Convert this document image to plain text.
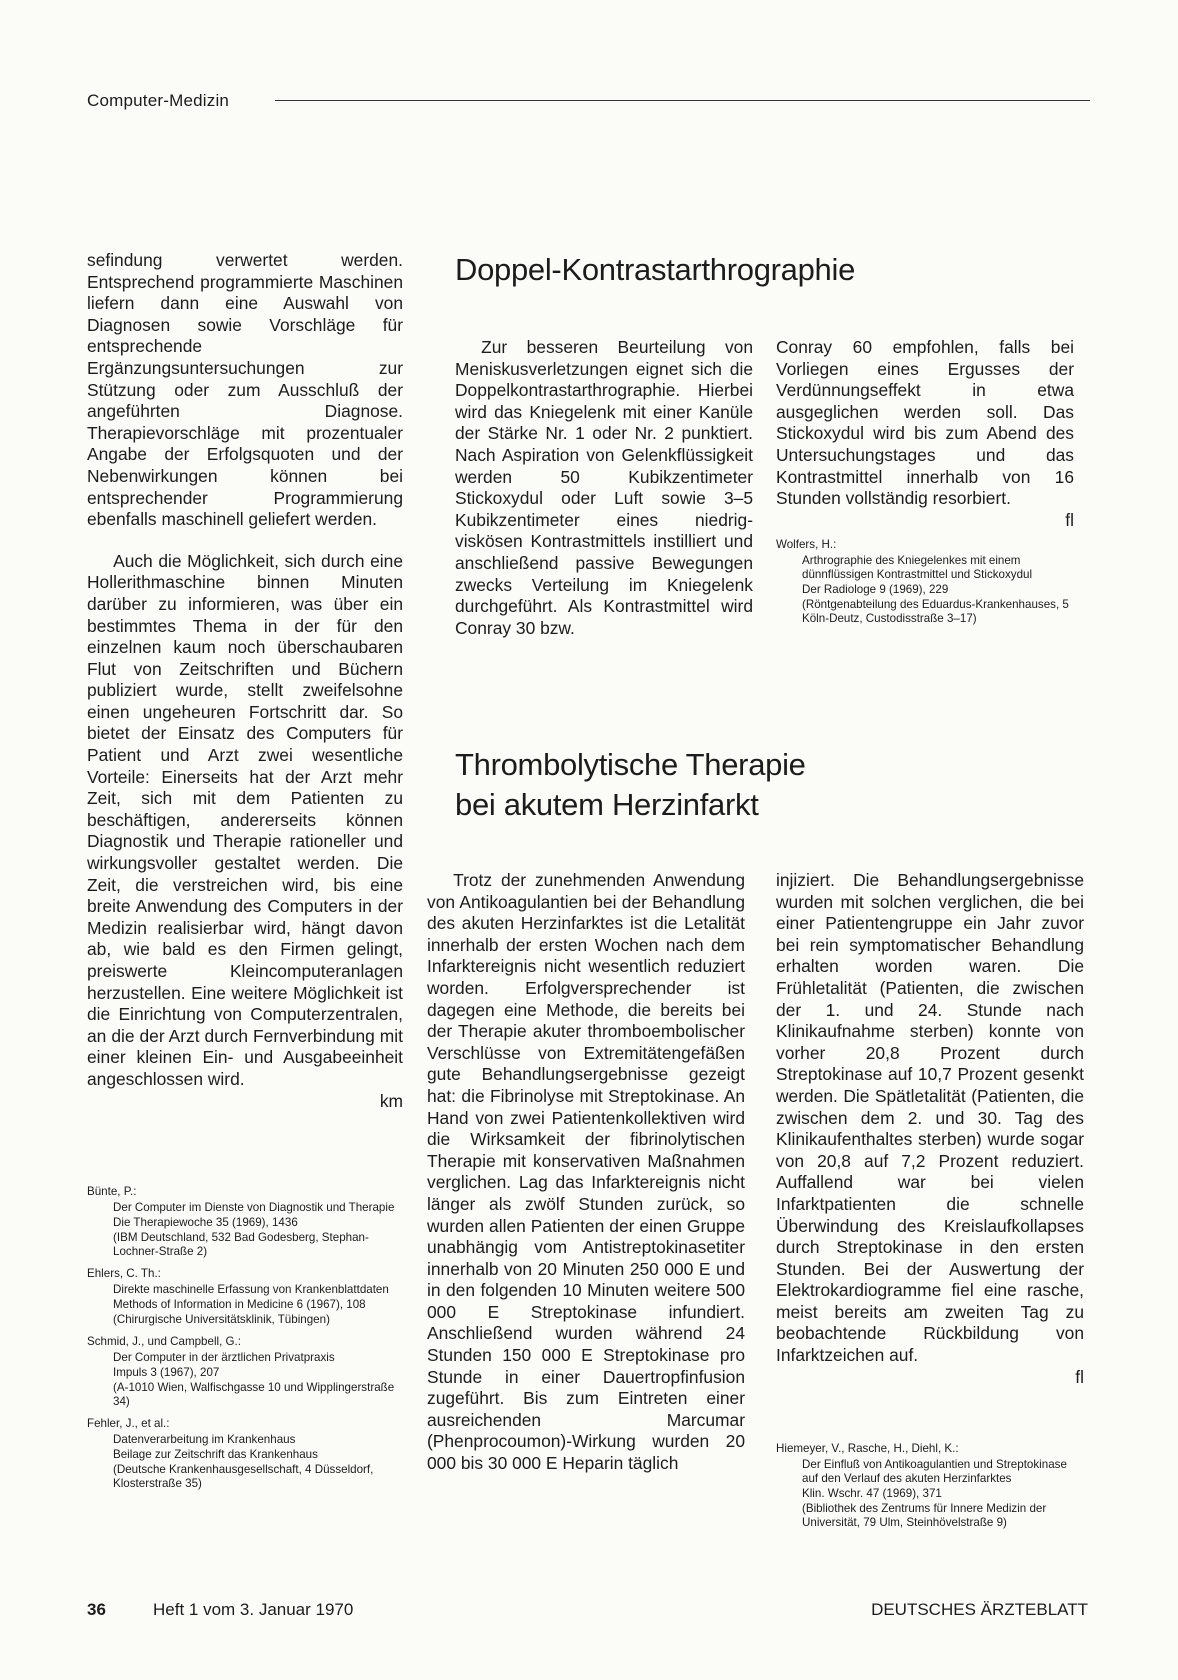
Computer-Medizin

sefindung verwertet werden. Entsprechend programmierte Maschinen liefern dann eine Auswahl von Diagnosen sowie Vorschläge für entsprechende Ergänzungsuntersuchungen zur Stützung oder zum Ausschluß der angeführten Diagnose. Therapievorschläge mit prozentualer Angabe der Erfolgsquoten und der Nebenwirkungen können bei entsprechender Programmierung ebenfalls maschinell geliefert werden.

Auch die Möglichkeit, sich durch eine Hollerithmaschine binnen Minuten darüber zu informieren, was über ein bestimmtes Thema in der für den einzelnen kaum noch überschaubaren Flut von Zeitschriften und Büchern publiziert wurde, stellt zweifelsohne einen ungeheuren Fortschritt dar. So bietet der Einsatz des Computers für Patient und Arzt zwei wesentliche Vorteile: Einerseits hat der Arzt mehr Zeit, sich mit dem Patienten zu beschäftigen, andererseits können Diagnostik und Therapie rationeller und wirkungsvoller gestaltet werden. Die Zeit, die verstreichen wird, bis eine breite Anwendung des Computers in der Medizin realisierbar wird, hängt davon ab, wie bald es den Firmen gelingt, preiswerte Kleincomputeranlagen herzustellen. Eine weitere Möglichkeit ist die Einrichtung von Computerzentralen, an die der Arzt durch Fernverbindung mit einer kleinen Ein- und Ausgabeeinheit angeschlossen wird.
km

Bünte, P.:
Der Computer im Dienste von Diagnostik und Therapie
Die Therapiewoche 35 (1969), 1436
(IBM Deutschland, 532 Bad Godesberg, Stephan-Lochner-Straße 2)
Ehlers, C. Th.:
Direkte maschinelle Erfassung von Krankenblattdaten
Methods of Information in Medicine 6 (1967), 108
(Chirurgische Universitätsklinik, Tübingen)
Schmid, J., und Campbell, G.:
Der Computer in der ärztlichen Privatpraxis
Impuls 3 (1967), 207
(A-1010 Wien, Walfischgasse 10 und Wipplingerstraße 34)
Fehler, J., et al.:
Datenverarbeitung im Krankenhaus
Beilage zur Zeitschrift das Krankenhaus
(Deutsche Krankenhausgesellschaft, 4 Düsseldorf, Klosterstraße 35)
Doppel-Kontrastarthrographie
Zur besseren Beurteilung von Meniskusverletzungen eignet sich die Doppelkontrastarthrographie. Hierbei wird das Kniegelenk mit einer Kanüle der Stärke Nr. 1 oder Nr. 2 punktiert. Nach Aspiration von Gelenkflüssigkeit werden 50 Kubikzentimeter Stickoxydul oder Luft sowie 3–5 Kubikzentimeter eines niedrig-viskösen Kontrastmittels instilliert und anschließend passive Bewegungen zwecks Verteilung im Kniegelenk durchgeführt. Als Kontrastmittel wird Conray 30 bzw.
Conray 60 empfohlen, falls bei Vorliegen eines Ergusses der Verdünnungseffekt in etwa ausgeglichen werden soll. Das Stickoxydul wird bis zum Abend des Untersuchungstages und das Kontrastmittel innerhalb von 16 Stunden vollständig resorbiert.
fl
Wolfers, H.:
Arthrographie des Kniegelenkes mit einem dünnflüssigen Kontrastmittel und Stickoxydul
Der Radiologe 9 (1969), 229
(Röntgenabteilung des Eduardus-Krankenhauses, 5 Köln-Deutz, Custodisstraße 3–17)
Thrombolytische Therapie
bei akutem Herzinfarkt
Trotz der zunehmenden Anwendung von Antikoagulantien bei der Behandlung des akuten Herzinfarktes ist die Letalität innerhalb der ersten Wochen nach dem Infarktereignis nicht wesentlich reduziert worden. Erfolgversprechender ist dagegen eine Methode, die bereits bei der Therapie akuter thromboembolischer Verschlüsse von Extremitätengefäßen gute Behandlungsergebnisse gezeigt hat: die Fibrinolyse mit Streptokinase. An Hand von zwei Patientenkollektiven wird die Wirksamkeit der fibrinolytischen Therapie mit konservativen Maßnahmen verglichen. Lag das Infarktereignis nicht länger als zwölf Stunden zurück, so wurden allen Patienten der einen Gruppe unabhängig vom Antistreptokinasetiter innerhalb von 20 Minuten 250 000 E und in den folgenden 10 Minuten weitere 500 000 E Streptokinase infundiert. Anschließend wurden während 24 Stunden 150 000 E Streptokinase pro Stunde in einer Dauertropfinfusion zugeführt. Bis zum Eintreten einer ausreichenden Marcumar (Phenprocoumon)-Wirkung wurden 20 000 bis 30 000 E Heparin täglich
injiziert. Die Behandlungsergebnisse wurden mit solchen verglichen, die bei einer Patientengruppe ein Jahr zuvor bei rein symptomatischer Behandlung erhalten worden waren. Die Frühletalität (Patienten, die zwischen der 1. und 24. Stunde nach Klinikaufnahme sterben) konnte von vorher 20,8 Prozent durch Streptokinase auf 10,7 Prozent gesenkt werden. Die Spätletalität (Patienten, die zwischen dem 2. und 30. Tag des Klinikaufenthaltes sterben) wurde sogar von 20,8 auf 7,2 Prozent reduziert. Auffallend war bei vielen Infarktpatienten die schnelle Überwindung des Kreislaufkollapses durch Streptokinase in den ersten Stunden. Bei der Auswertung der Elektrokardiogramme fiel eine rasche, meist bereits am zweiten Tag zu beobachtende Rückbildung von Infarktzeichen auf.
fl
Hiemeyer, V., Rasche, H., Diehl, K.:
Der Einfluß von Antikoagulantien und Streptokinase auf den Verlauf des akuten Herzinfarktes
Klin. Wschr. 47 (1969), 371
(Bibliothek des Zentrums für Innere Medizin der Universität, 79 Ulm, Steinhövelstraße 9)
36	Heft 1 vom 3. Januar 1970	DEUTSCHES ÄRZTEBLATT
